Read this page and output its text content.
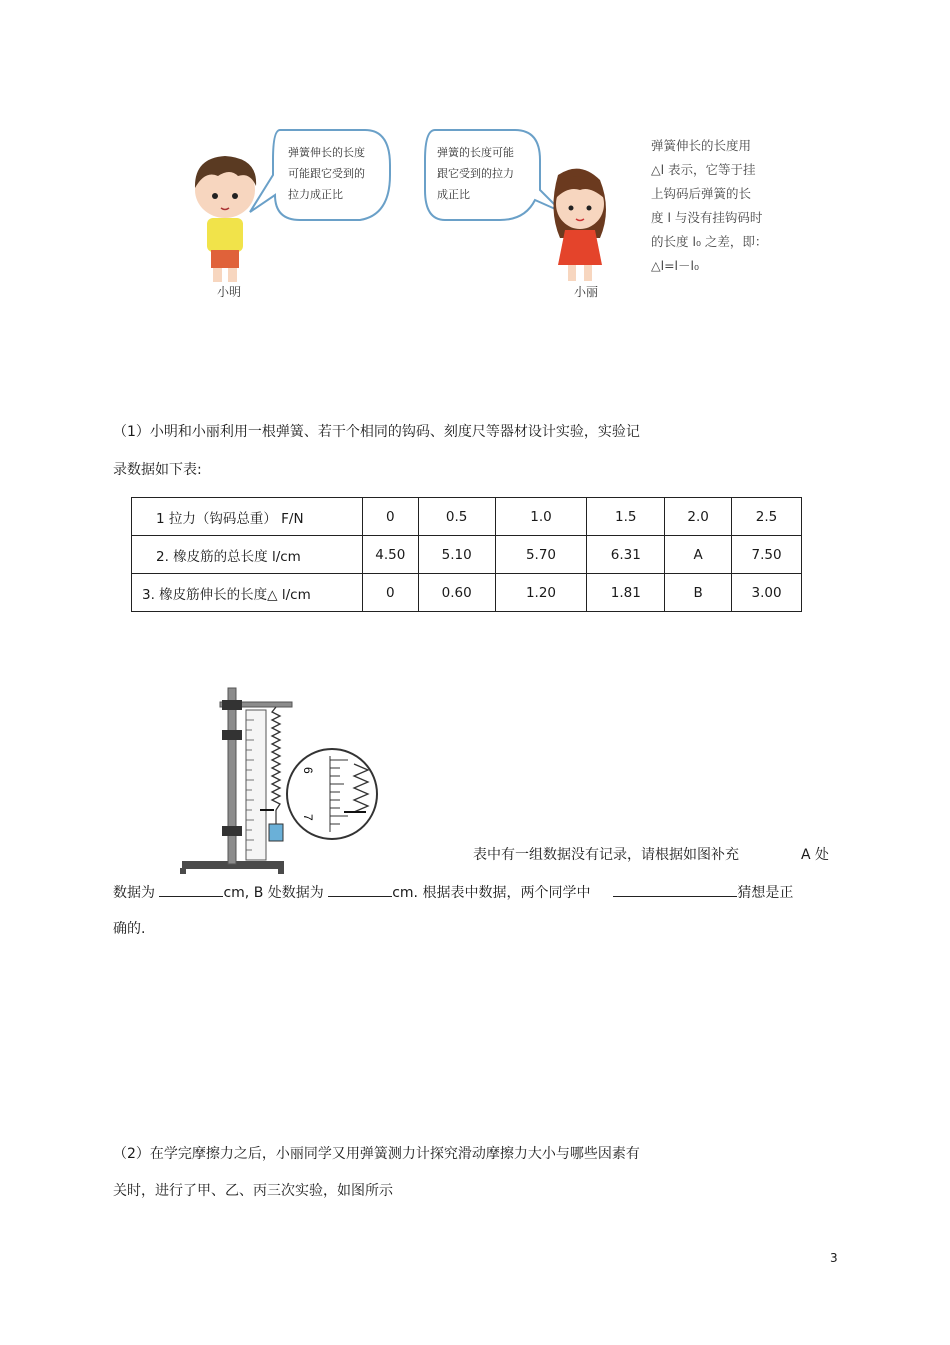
弹簧伸长的长度
可能跟它受到的
拉力成正比
弹簧的长度可能
跟它受到的拉力
成正比
小明	小丽
弹簧伸长的长度用
△l 表示，它等于挂
上钩码后弹簧的长
度 l 与没有挂钩码时
的长度 l₀ 之差，即：
△l=l－l₀
（1）小明和小丽利用一根弹簧、若干个相同的钩码、刻度尺等器材设计实验，实验记
录数据如下表:
1 拉力（钩码总重） F/N	0	0.5	1.0	1.5	2.0	2.5
2. 橡皮筋的总长度 l/cm	4.50	5.10	5.70	6.31	A	7.50
3. 橡皮筋伸长的长度△ l/cm	0	0.60	1.20	1.81	B	3.00
6
7
表中有一组数据没有记录，请根据如图补充	A 处
数据为	cm, B 处数据为	cm. 根据表中数据，两个同学中	猜想是正
确的.
（2）在学完摩擦力之后，小丽同学又用弹簧测力计探究滑动摩擦力大小与哪些因素有
关时，进行了甲、乙、丙三次实验，如图所示
3
